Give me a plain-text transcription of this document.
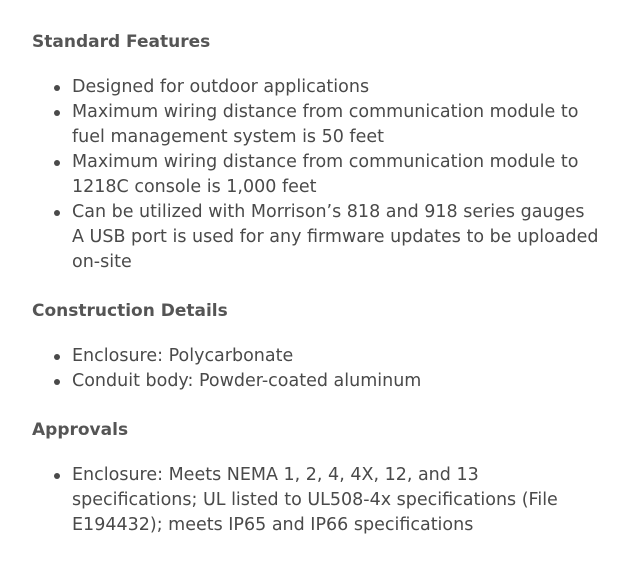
Standard Features
Designed for outdoor applications
Maximum wiring distance from communication module to fuel management system is 50 feet
Maximum wiring distance from communication module to 1218C console is 1,000 feet
Can be utilized with Morrison’s 818 and 918 series gauges A USB port is used for any firmware updates to be uploaded on-site
Construction Details
Enclosure: Polycarbonate
Conduit body: Powder-coated aluminum
Approvals
Enclosure: Meets NEMA 1, 2, 4, 4X, 12, and 13 specifications; UL listed to UL508-4x specifications (File E194432); meets IP65 and IP66 specifications
